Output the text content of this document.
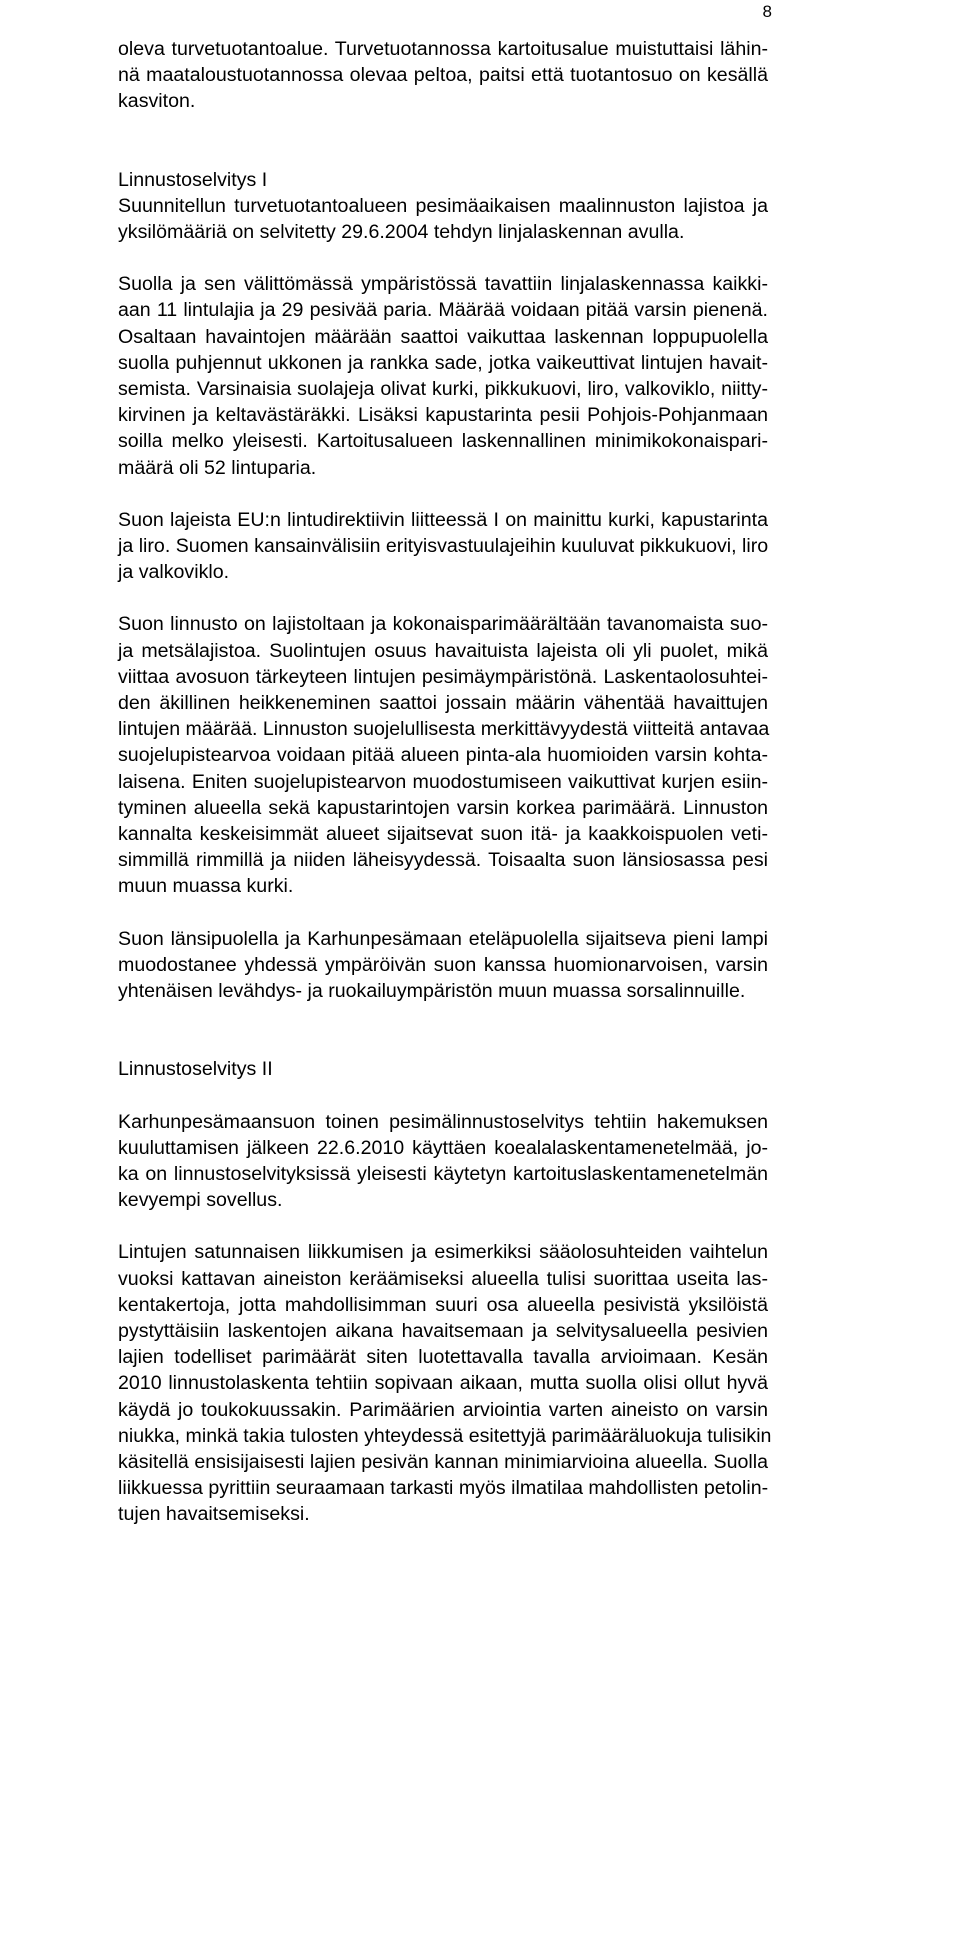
8
oleva turvetuotantoalue. Turvetuotannossa kartoitusalue muistuttaisi lähin-
nä maataloustuotannossa olevaa peltoa, paitsi että tuotantosuo on kesällä
kasviton.
Linnustoselvitys I
Suunnitellun turvetuotantoalueen pesimäaikaisen maalinnuston lajistoa ja
yksilömääriä on selvitetty 29.6.2004 tehdyn linjalaskennan avulla.
Suolla ja sen välittömässä ympäristössä tavattiin linjalaskennassa kaikki-
aan 11 lintulajia ja 29 pesivää paria. Määrää voidaan pitää varsin pienenä.
Osaltaan havaintojen määrään saattoi vaikuttaa laskennan loppupuolella
suolla puhjennut ukkonen ja rankka sade, jotka vaikeuttivat lintujen havait-
semista. Varsinaisia suolajeja olivat kurki, pikkukuovi, liro, valkoviklo, niitty-
kirvinen ja keltavästäräkki. Lisäksi kapustarinta pesii Pohjois-Pohjanmaan
soilla melko yleisesti. Kartoitusalueen laskennallinen minimikokonaispari-
määrä oli 52 lintuparia.
Suon lajeista EU:n lintudirektiivin liitteessä I on mainittu kurki, kapustarinta
ja liro. Suomen kansainvälisiin erityisvastuulajeihin kuuluvat pikkukuovi, liro
ja valkoviklo.
Suon linnusto on lajistoltaan ja kokonaisparimäärältään tavanomaista suo-
ja metsälajistoa. Suolintujen osuus havaituista lajeista oli yli puolet, mikä
viittaa avosuon tärkeyteen lintujen pesimäympäristönä. Laskentaolosuhtei-
den äkillinen heikkeneminen saattoi jossain määrin vähentää havaittujen
lintujen määrää. Linnuston suojelullisesta merkittävyydestä viitteitä antavaa
suojelupistearvoa voidaan pitää alueen pinta-ala huomioiden varsin kohta-
laisena. Eniten suojelupistearvon muodostumiseen vaikuttivat kurjen esiin-
tyminen alueella sekä kapustarintojen varsin korkea parimäärä. Linnuston
kannalta keskeisimmät alueet sijaitsevat suon itä- ja kaakkoispuolen veti-
simmillä rimmillä ja niiden läheisyydessä. Toisaalta suon länsiosassa pesi
muun muassa kurki.
Suon länsipuolella ja Karhunpesämaan eteläpuolella sijaitseva pieni lampi
muodostanee yhdessä ympäröivän suon kanssa huomionarvoisen, varsin
yhtenäisen levähdys- ja ruokailuympäristön muun muassa sorsalinnuille.
Linnustoselvitys II
Karhunpesämaansuon toinen pesimälinnustoselvitys tehtiin hakemuksen
kuuluttamisen jälkeen 22.6.2010 käyttäen koealalaskentamenetelmää, jo-
ka on linnustoselvityksissä yleisesti käytetyn kartoituslaskentamenetelmän
kevyempi sovellus.
Lintujen satunnaisen liikkumisen ja esimerkiksi sääolosuhteiden vaihtelun
vuoksi kattavan aineiston keräämiseksi alueella tulisi suorittaa useita las-
kentakertoja, jotta mahdollisimman suuri osa alueella pesivistä yksilöistä
pystyttäisiin laskentojen aikana havaitsemaan ja selvitysalueella pesivien
lajien todelliset parimäärät siten luotettavalla tavalla arvioimaan. Kesän
2010 linnustolaskenta tehtiin sopivaan aikaan, mutta suolla olisi ollut hyvä
käydä jo toukokuussakin. Parimäärien arviointia varten aineisto on varsin
niukka, minkä takia tulosten yhteydessä esitettyjä parimääräluokuja tulisikin
käsitellä ensisijaisesti lajien pesivän kannan minimiarvioina alueella. Suolla
liikkuessa pyrittiin seuraamaan tarkasti myös ilmatilaa mahdollisten petolin-
tujen havaitsemiseksi.
